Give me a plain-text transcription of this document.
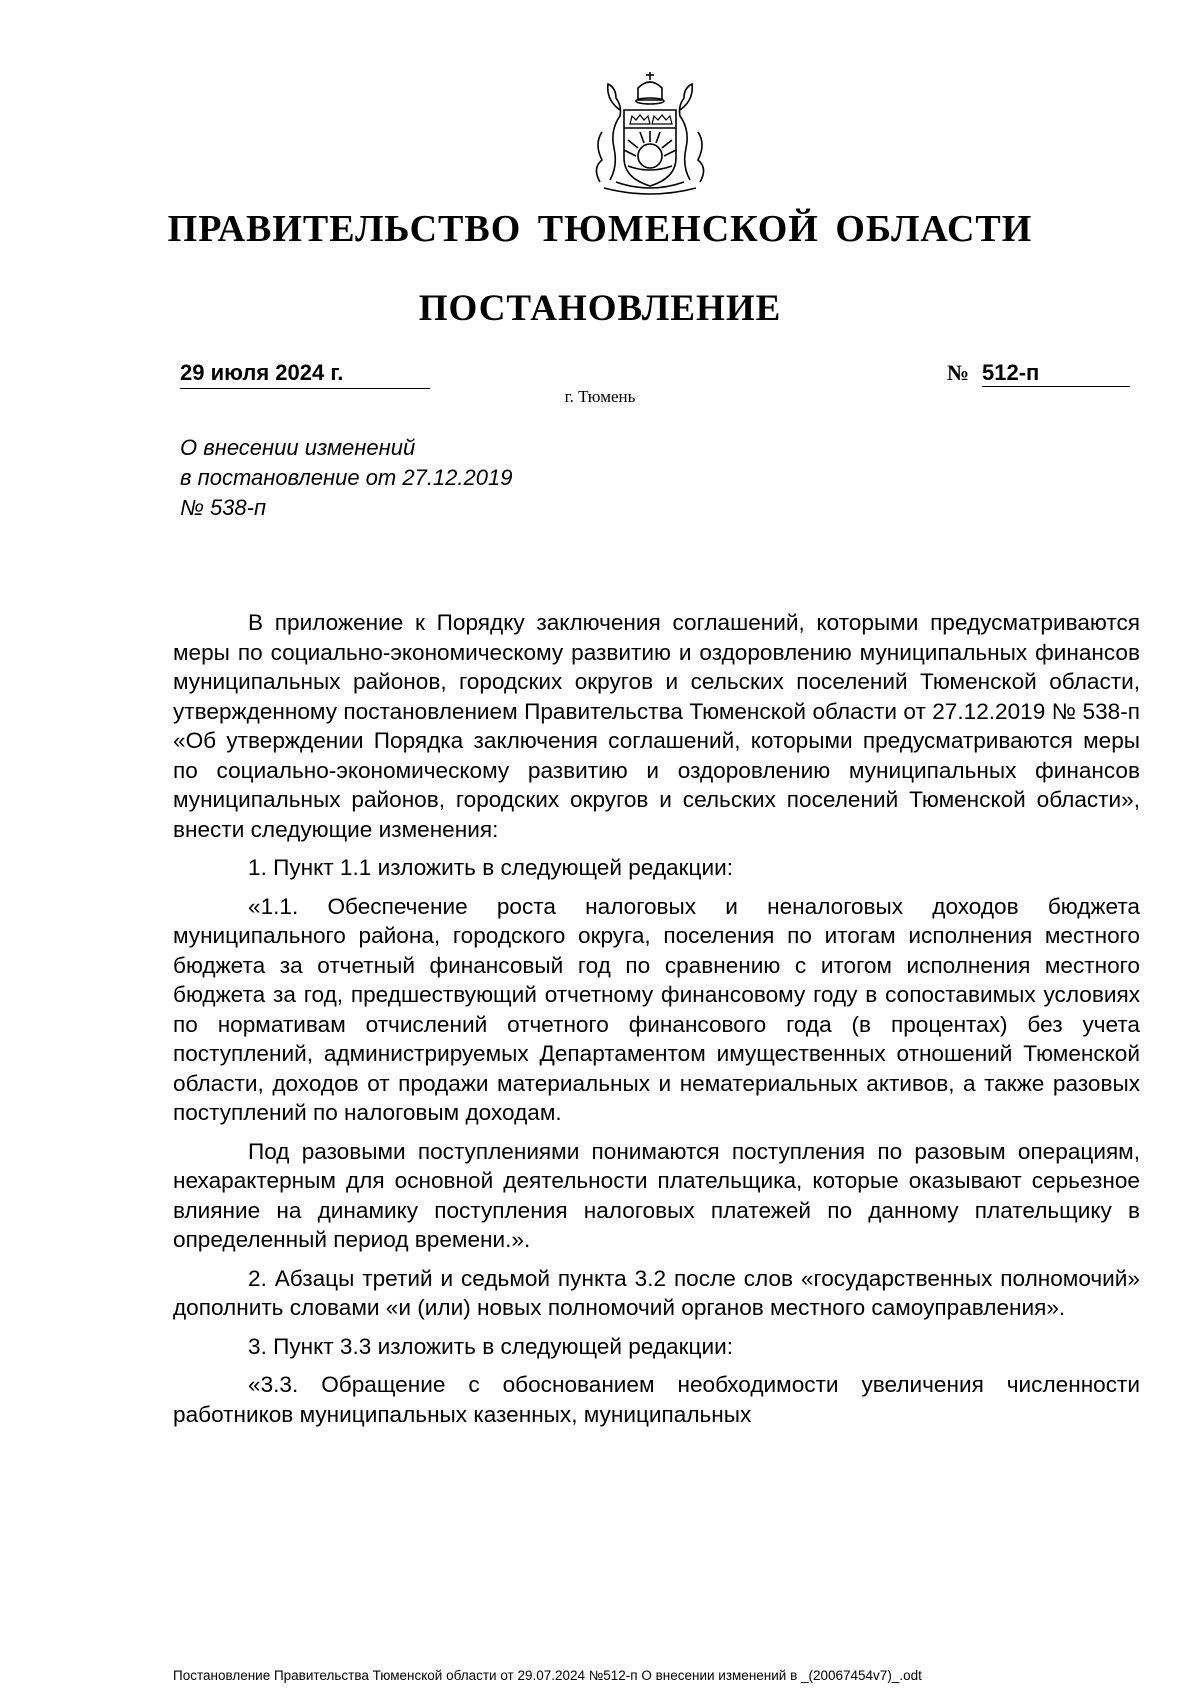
ПРАВИТЕЛЬСТВО ТЮМЕНСКОЙ ОБЛАСТИ
ПОСТАНОВЛЕНИЕ
29 июля 2024 г.	№ 512-п
г. Тюмень
О внесении изменений
в постановление от 27.12.2019
№ 538-п

В приложение к Порядку заключения соглашений, которыми предусматриваются меры по социально-экономическому развитию и оздоровлению муниципальных финансов муниципальных районов, городских округов и сельских поселений Тюменской области, утвержденному постановлением Правительства Тюменской области от 27.12.2019 № 538-п «Об утверждении Порядка заключения соглашений, которыми предусматриваются меры по социально-экономическому развитию и оздоровлению муниципальных финансов муниципальных районов, городских округов и сельских поселений Тюменской области», внести следующие изменения:

1. Пункт 1.1 изложить в следующей редакции:

«1.1. Обеспечение роста налоговых и неналоговых доходов бюджета муниципального района, городского округа, поселения по итогам исполнения местного бюджета за отчетный финансовый год по сравнению с итогом исполнения местного бюджета за год, предшествующий отчетному финансовому году в сопоставимых условиях по нормативам отчислений отчетного финансового года (в процентах) без учета поступлений, администрируемых Департаментом имущественных отношений Тюменской области, доходов от продажи материальных и нематериальных активов, а также разовых поступлений по налоговым доходам.

Под разовыми поступлениями понимаются поступления по разовым операциям, нехарактерным для основной деятельности плательщика, которые оказывают серьезное влияние на динамику поступления налоговых платежей по данному плательщику в определенный период времени.».

2. Абзацы третий и седьмой пункта 3.2 после слов «государственных полномочий» дополнить словами «и (или) новых полномочий органов местного самоуправления».

3. Пункт 3.3 изложить в следующей редакции:

«3.3. Обращение с обоснованием необходимости увеличения численности работников муниципальных казенных, муниципальных

Постановление Правительства Тюменской области от 29.07.2024 №512-п О внесении изменений в _(20067454v7)_.odt
